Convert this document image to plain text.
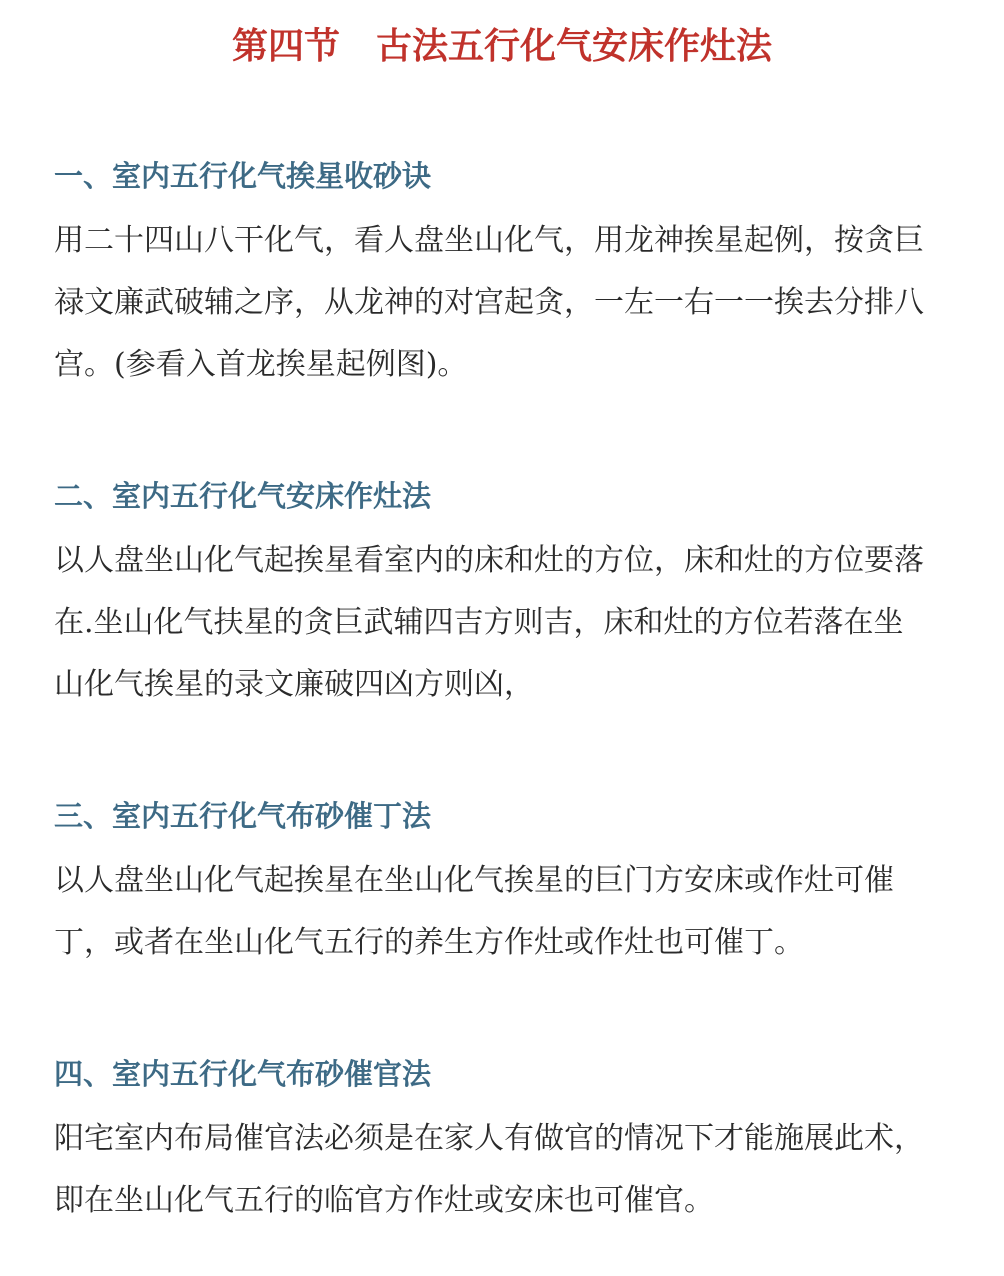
第四节　古法五行化气安床作灶法
一、室内五行化气挨星收砂诀
用二十四山八干化气，看人盘坐山化气，用龙神挨星起例，按贪巨
禄文廉武破辅之序，从龙神的对宫起贪，一左一右一一挨去分排八
宫。(参看入首龙挨星起例图)。
二、室内五行化气安床作灶法
以人盘坐山化气起挨星看室内的床和灶的方位，床和灶的方位要落
在.坐山化气扶星的贪巨武辅四吉方则吉，床和灶的方位若落在坐
山化气挨星的录文廉破四凶方则凶，
三、室内五行化气布砂催丁法
以人盘坐山化气起挨星在坐山化气挨星的巨门方安床或作灶可催
丁，或者在坐山化气五行的养生方作灶或作灶也可催丁。
四、室内五行化气布砂催官法
阳宅室内布局催官法必须是在家人有做官的情况下才能施展此术，
即在坐山化气五行的临官方作灶或安床也可催官。
